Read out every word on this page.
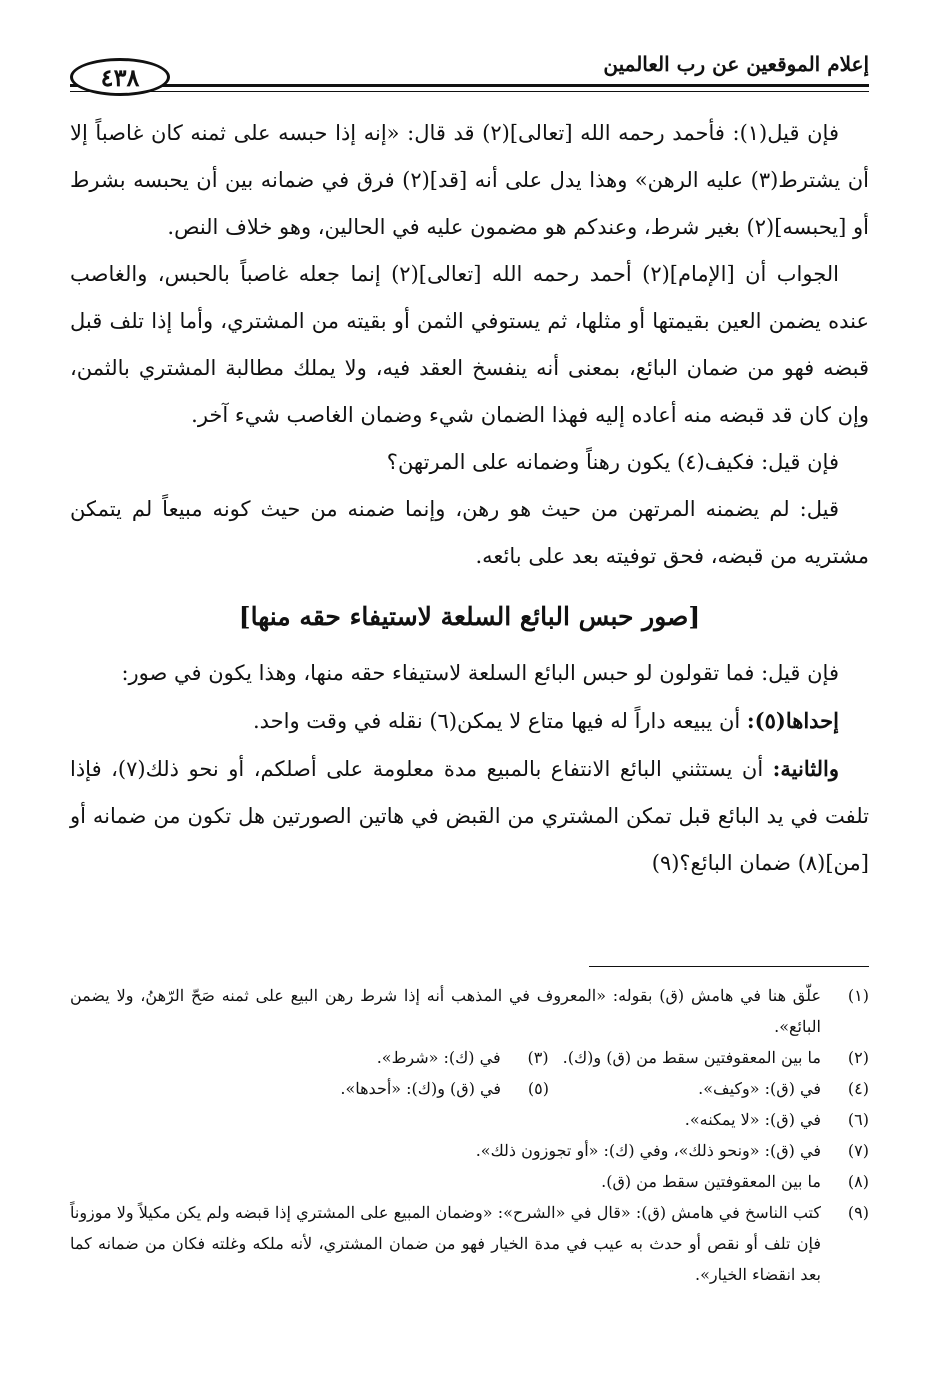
إعلام الموقعين عن رب العالمين
٤٣٨

فإن قيل(١): فأحمد رحمه الله [تعالى](٢) قد قال: «إنه إذا حبسه على ثمنه كان غاصباً إلا أن يشترط(٣) عليه الرهن» وهذا يدل على أنه [قد](٢) فرق في ضمانه بين أن يحبسه بشرط أو [يحبسه](٢) بغير شرط، وعندكم هو مضمون عليه في الحالين، وهو خلاف النص.

الجواب أن [الإمام](٢) أحمد رحمه الله [تعالى](٢) إنما جعله غاصباً بالحبس، والغاصب عنده يضمن العين بقيمتها أو مثلها، ثم يستوفي الثمن أو بقيته من المشتري، وأما إذا تلف قبل قبضه فهو من ضمان البائع، بمعنى أنه ينفسخ العقد فيه، ولا يملك مطالبة المشتري بالثمن، وإن كان قد قبضه منه أعاده إليه فهذا الضمان شيء وضمان الغاصب شيء آخر.

فإن قيل: فكيف(٤) يكون رهناً وضمانه على المرتهن؟

قيل: لم يضمنه المرتهن من حيث هو رهن، وإنما ضمنه من حيث كونه مبيعاً لم يتمكن مشتريه من قبضه، فحق توفيته بعد على بائعه.

[صور حبس البائع السلعة لاستيفاء حقه منها]

فإن قيل: فما تقولون لو حبس البائع السلعة لاستيفاء حقه منها، وهذا يكون في صور:

إحداها(٥): أن يبيعه داراً له فيها متاع لا يمكن(٦) نقله في وقت واحد.

والثانية: أن يستثني البائع الانتفاع بالمبيع مدة معلومة على أصلكم، أو نحو ذلك(٧)، فإذا تلفت في يد البائع قبل تمكن المشتري من القبض في هاتين الصورتين هل تكون من ضمانه أو [من](٨) ضمان البائع؟(٩)

(١)
علّق هنا في هامش (ق) بقوله: «المعروف في المذهب أنه إذا شرط رهن البيع على ثمنه صَحّ الرّهنُ، ولا يضمن البائع».
(٢)
ما بين المعقوفتين سقط من (ق) و(ك).
(٣)
في (ك): «شرط».
(٤)
في (ق): «وكيف».
(٥)
في (ق) و(ك): «أحدها».
(٦)
في (ق): «لا يمكنه».
(٧)
في (ق): «ونحو ذلك»، وفي (ك): «أو تجوزون ذلك».
(٨)
ما بين المعقوفتين سقط من (ق).
(٩)
كتب الناسخ في هامش (ق): «قال في «الشرح»: «وضمان المبيع على المشتري إذا قبضه ولم يكن مكيلاً ولا موزوناً فإن تلف أو نقص أو حدث به عيب في مدة الخيار فهو من ضمان المشتري، لأنه ملكه وغلته فكان من ضمانه كما بعد انقضاء الخيار».
